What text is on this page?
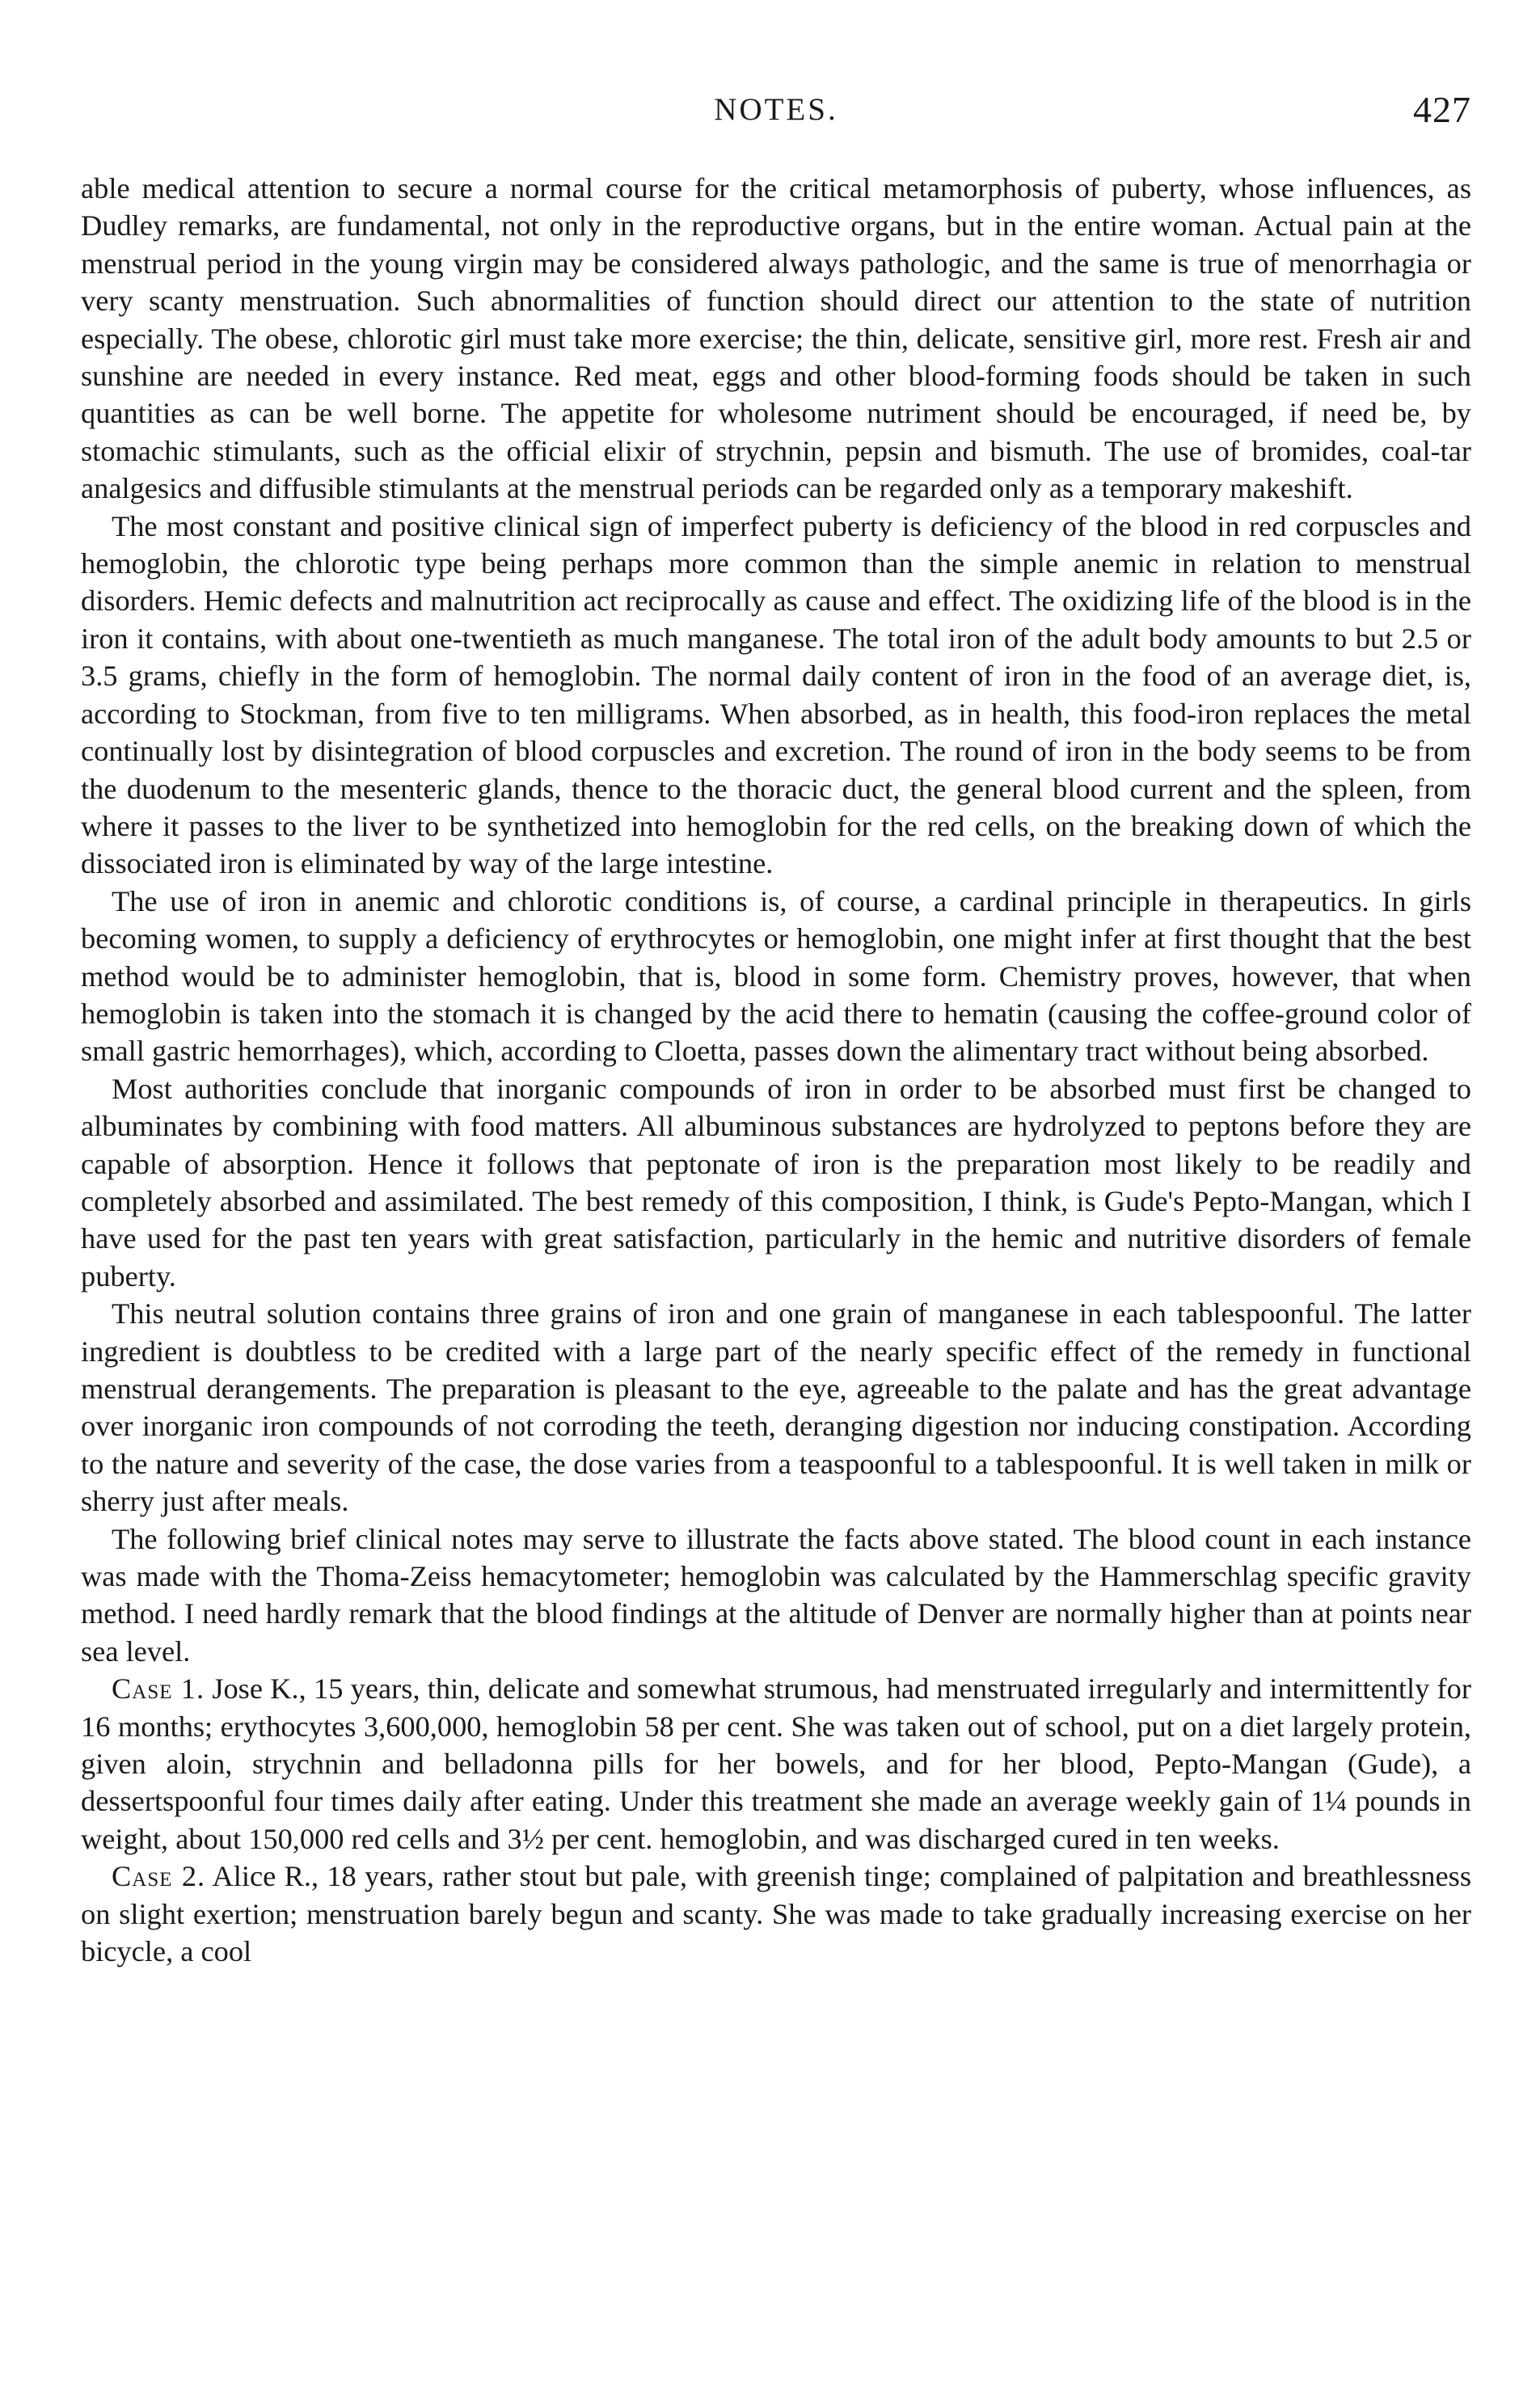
NOTES.	427

able medical attention to secure a normal course for the critical metamorphosis of puberty, whose influences, as Dudley remarks, are fundamental, not only in the reproductive organs, but in the entire woman. Actual pain at the menstrual period in the young virgin may be considered always pathologic, and the same is true of menorrhagia or very scanty menstruation. Such abnormalities of function should direct our attention to the state of nutrition especially. The obese, chlorotic girl must take more exercise; the thin, delicate, sensitive girl, more rest. Fresh air and sunshine are needed in every instance. Red meat, eggs and other blood-forming foods should be taken in such quantities as can be well borne. The appetite for wholesome nutriment should be encouraged, if need be, by stomachic stimulants, such as the official elixir of strychnin, pepsin and bismuth. The use of bromides, coal-tar analgesics and diffusible stimulants at the menstrual periods can be regarded only as a temporary makeshift.

The most constant and positive clinical sign of imperfect puberty is deficiency of the blood in red corpuscles and hemoglobin, the chlorotic type being perhaps more common than the simple anemic in relation to menstrual disorders. Hemic defects and malnutrition act reciprocally as cause and effect. The oxidizing life of the blood is in the iron it contains, with about one-twentieth as much manganese. The total iron of the adult body amounts to but 2.5 or 3.5 grams, chiefly in the form of hemoglobin. The normal daily content of iron in the food of an average diet, is, according to Stockman, from five to ten milligrams. When absorbed, as in health, this food-iron replaces the metal continually lost by disintegration of blood corpuscles and excretion. The round of iron in the body seems to be from the duodenum to the mesenteric glands, thence to the thoracic duct, the general blood current and the spleen, from where it passes to the liver to be synthetized into hemoglobin for the red cells, on the breaking down of which the dissociated iron is eliminated by way of the large intestine.

The use of iron in anemic and chlorotic conditions is, of course, a cardinal principle in therapeutics. In girls becoming women, to supply a deficiency of erythrocytes or hemoglobin, one might infer at first thought that the best method would be to administer hemoglobin, that is, blood in some form. Chemistry proves, however, that when hemoglobin is taken into the stomach it is changed by the acid there to hematin (causing the coffee-ground color of small gastric hemorrhages), which, according to Cloetta, passes down the alimentary tract without being absorbed.

Most authorities conclude that inorganic compounds of iron in order to be absorbed must first be changed to albuminates by combining with food matters. All albuminous substances are hydrolyzed to peptons before they are capable of absorption. Hence it follows that peptonate of iron is the preparation most likely to be readily and completely absorbed and assimilated. The best remedy of this composition, I think, is Gude's Pepto-Mangan, which I have used for the past ten years with great satisfaction, particularly in the hemic and nutritive disorders of female puberty.

This neutral solution contains three grains of iron and one grain of manganese in each tablespoonful. The latter ingredient is doubtless to be credited with a large part of the nearly specific effect of the remedy in functional menstrual derangements. The preparation is pleasant to the eye, agreeable to the palate and has the great advantage over inorganic iron compounds of not corroding the teeth, deranging digestion nor inducing constipation. According to the nature and severity of the case, the dose varies from a teaspoonful to a tablespoonful. It is well taken in milk or sherry just after meals.

The following brief clinical notes may serve to illustrate the facts above stated. The blood count in each instance was made with the Thoma-Zeiss hemacytometer; hemoglobin was calculated by the Hammerschlag specific gravity method. I need hardly remark that the blood findings at the altitude of Denver are normally higher than at points near sea level.

Case 1. Jose K., 15 years, thin, delicate and somewhat strumous, had menstruated irregularly and intermittently for 16 months; erythocytes 3,600,000, hemoglobin 58 per cent. She was taken out of school, put on a diet largely protein, given aloin, strychnin and belladonna pills for her bowels, and for her blood, Pepto-Mangan (Gude), a dessertspoonful four times daily after eating. Under this treatment she made an average weekly gain of 1¼ pounds in weight, about 150,000 red cells and 3½ per cent. hemoglobin, and was discharged cured in ten weeks.

Case 2. Alice R., 18 years, rather stout but pale, with greenish tinge; complained of palpitation and breathlessness on slight exertion; menstruation barely begun and scanty. She was made to take gradually increasing exercise on her bicycle, a cool
